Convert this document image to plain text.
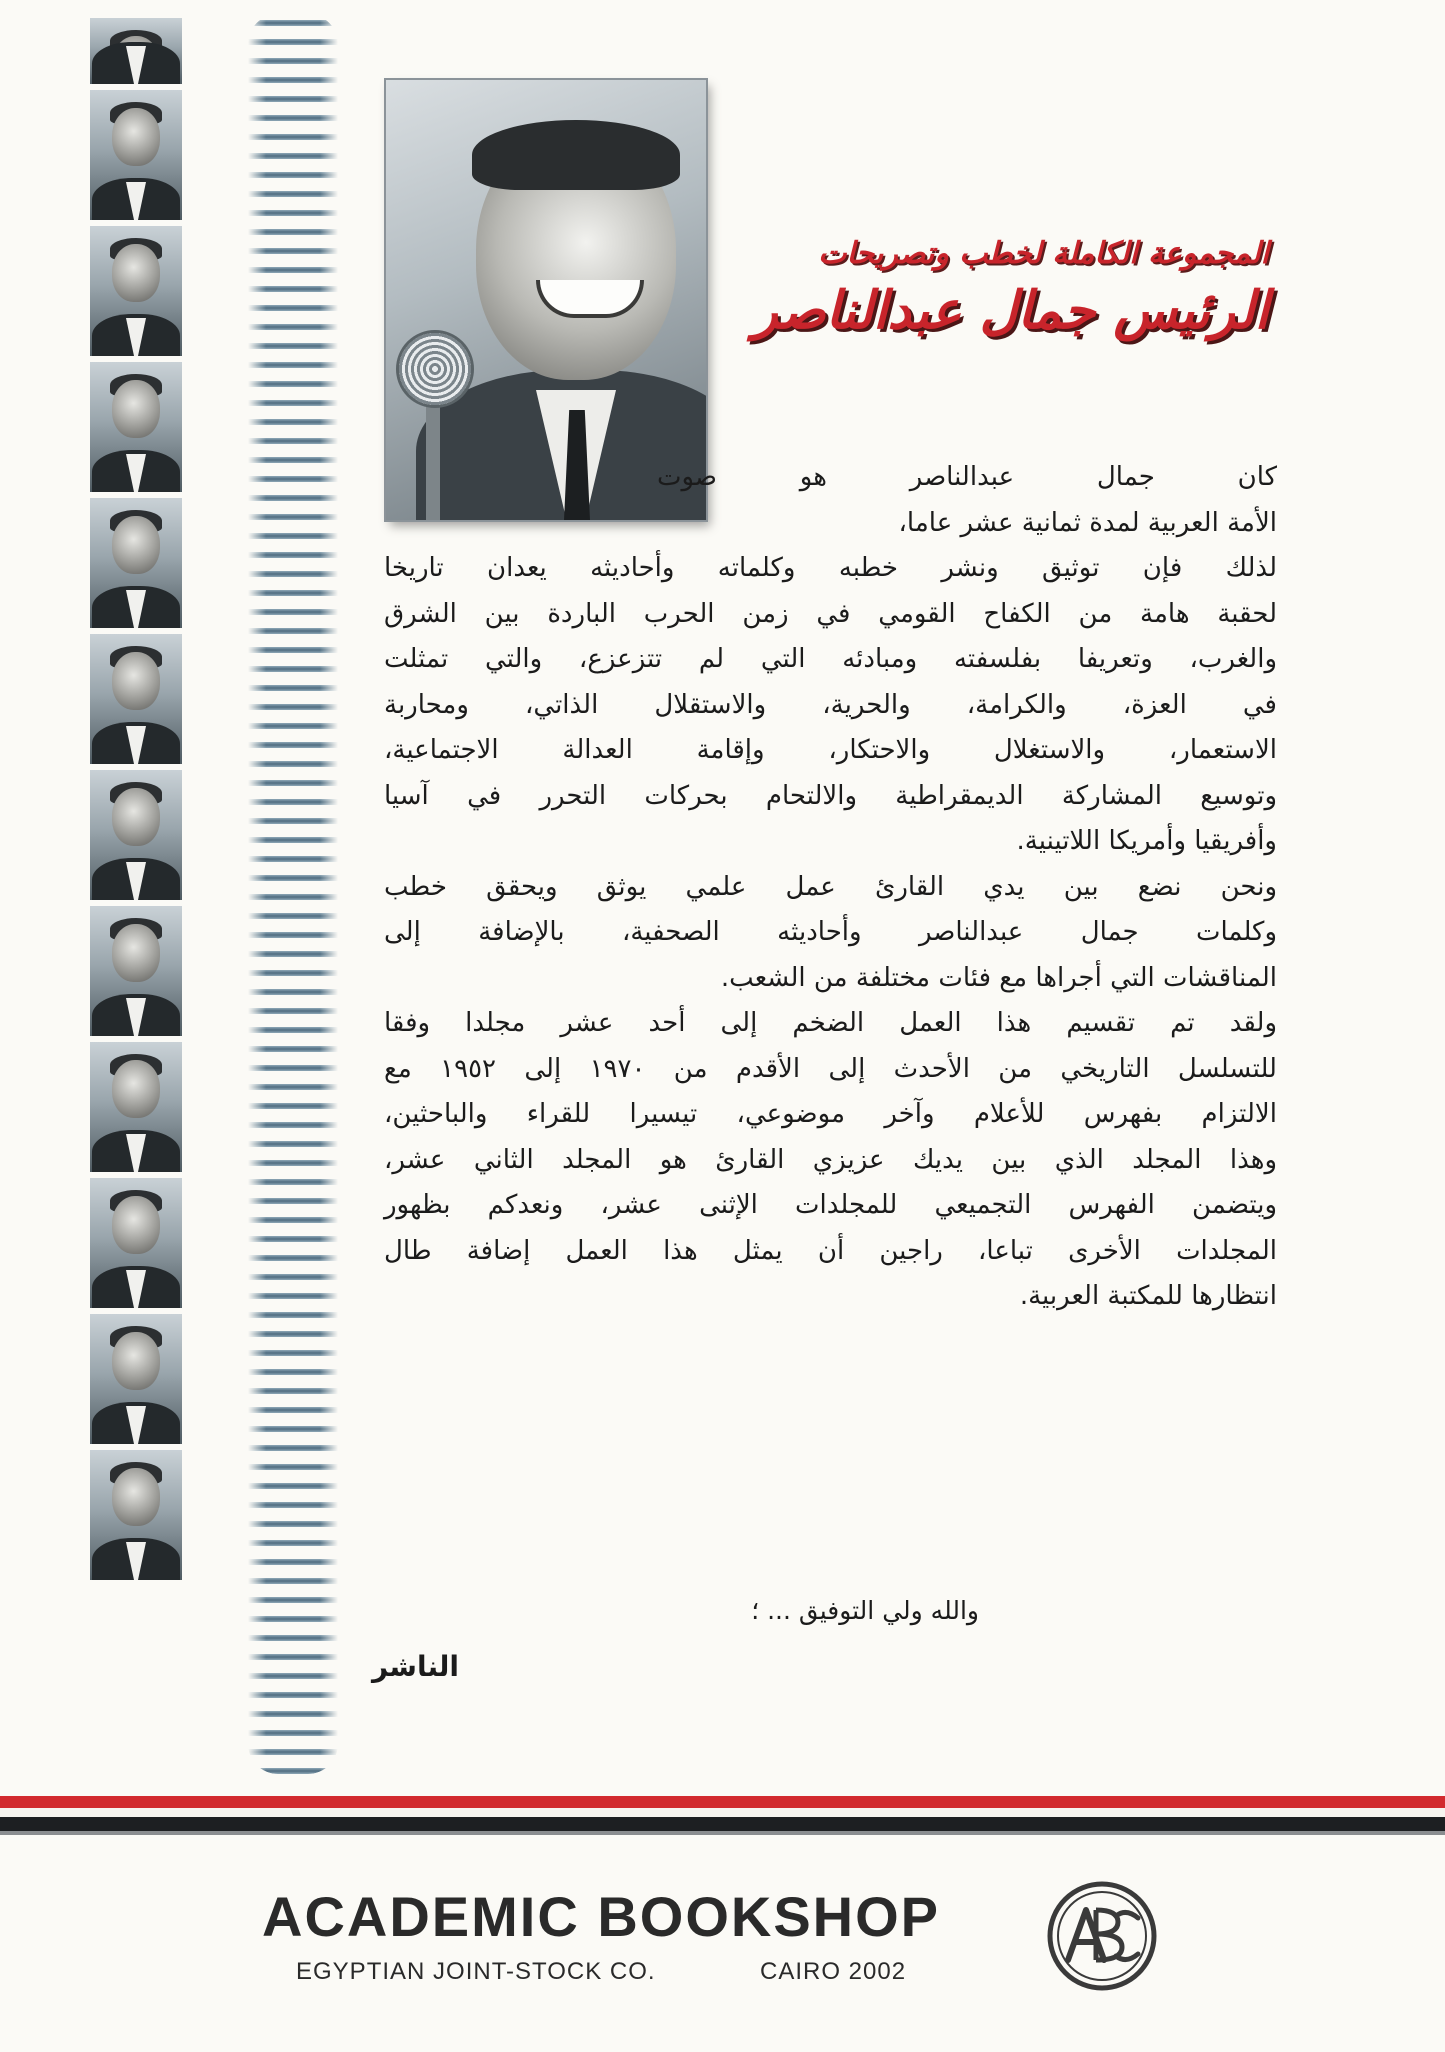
المجموعة الكاملة لخطب وتصريحات
الرئيس جمال عبدالناصر
كان جمال عبدالناصر هو صوت
الأمة العربية لمدة ثمانية عشر عاما،
لذلك فإن توثيق ونشر خطبه وكلماته وأحاديثه يعدان تاريخا
لحقبة هامة من الكفاح القومي في زمن الحرب الباردة بين الشرق
والغرب، وتعريفا بفلسفته ومبادئه التي لم تتزعزع، والتي تمثلت
في العزة، والكرامة، والحرية، والاستقلال الذاتي، ومحاربة
الاستعمار، والاستغلال والاحتكار، وإقامة العدالة الاجتماعية،
وتوسيع المشاركة الديمقراطية والالتحام بحركات التحرر في آسيا
وأفريقيا وأمريكا اللاتينية.
ونحن نضع بين يدي القارئ عمل علمي يوثق ويحقق خطب
وكلمات جمال عبدالناصر وأحاديثه الصحفية، بالإضافة إلى
المناقشات التي أجراها مع فئات مختلفة من الشعب.
ولقد تم تقسيم هذا العمل الضخم إلى أحد عشر مجلدا وفقا
للتسلسل التاريخي من الأحدث إلى الأقدم من ١٩٧٠ إلى ١٩٥٢ مع
الالتزام بفهرس للأعلام وآخر موضوعي، تيسيرا للقراء والباحثين،
وهذا المجلد الذي بين يديك عزيزي القارئ هو المجلد الثاني عشر،
ويتضمن الفهرس التجميعي للمجلدات الإثنى عشر، ونعدكم بظهور
المجلدات الأخرى تباعا، راجين أن يمثل هذا العمل إضافة طال
انتظارها للمكتبة العربية.
والله ولي التوفيق ... ؛
الناشر
ACADEMIC BOOKSHOP
EGYPTIAN JOINT-STOCK CO.	CAIRO 2002
